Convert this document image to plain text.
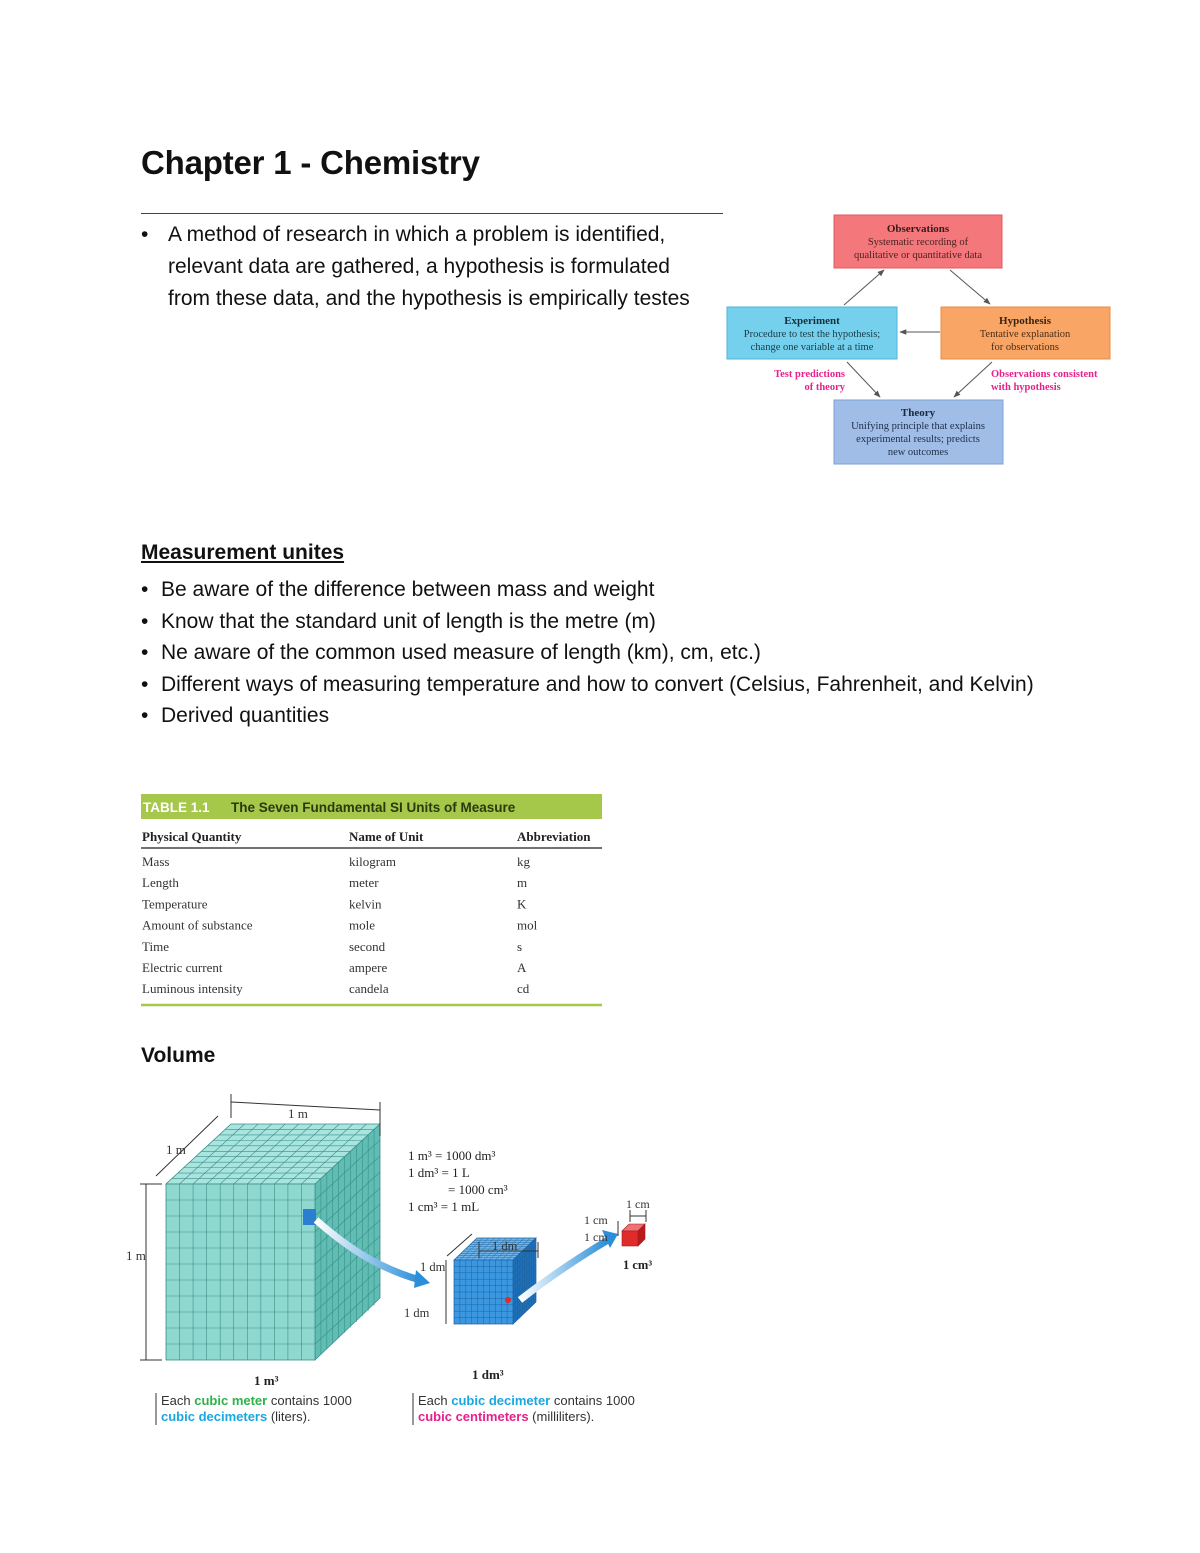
Chapter 1 - Chemistry
• A method of research in which a problem is identified, relevant data are gathered, a hypothesis is formulated from these data, and the hypothesis is empirically testes
Observations
Systematic recording of
qualitative or quantitative data
Experiment
Procedure to test the hypothesis;
change one variable at a time
Hypothesis
Tentative explanation
for observations
Theory
Unifying principle that explains
experimental results; predicts
new outcomes
Test predictions
of theory
Observations consistent
with hypothesis
Measurement unites
• Be aware of the difference between mass and weight
• Know that the standard unit of length is the metre (m)
• Ne aware of the common used measure of length (km), cm, etc.)
• Different ways of measuring temperature and how to convert (Celsius, Fahrenheit, and Kelvin)
• Derived quantities
TABLE 1.1 The Seven Fundamental SI Units of Measure
Physical Quantity	Name of Unit	Abbreviation
Mass	kilogram	kg
Length	meter	m
Temperature	kelvin	K
Amount of substance	mole	mol
Time	second	s
Electric current	ampere	A
Luminous intensity	candela	cd
Volume
1 m
1 m
1 m
1 m³
1 m³ = 1000 dm³
1 dm³ = 1 L
= 1000 cm³
1 cm³ = 1 mL
1 dm
1 dm
1 dm
1 dm³
1 cm
1 cm
1 cm
1 cm³
Each cubic meter contains 1000
cubic decimeters (liters).
Each cubic decimeter contains 1000
cubic centimeters (milliliters).
